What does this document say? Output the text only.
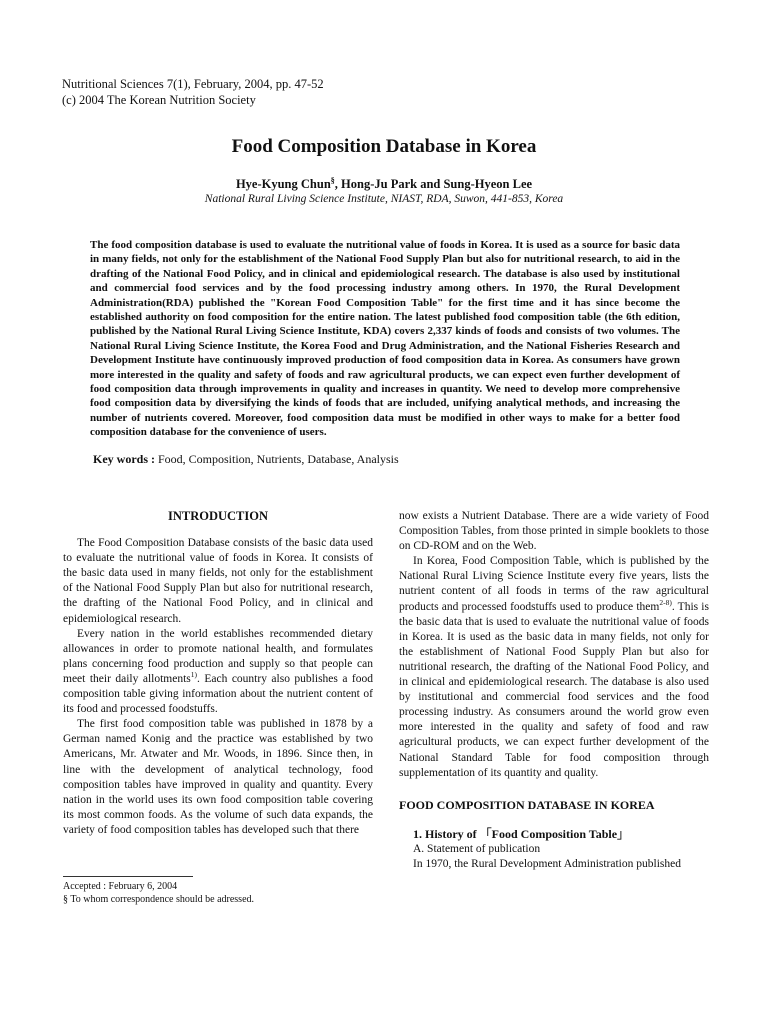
Nutritional Sciences 7(1), February, 2004, pp. 47-52
(c) 2004 The Korean Nutrition Society
Food Composition Database in Korea
Hye-Kyung Chun§, Hong-Ju Park and Sung-Hyeon Lee
National Rural Living Science Institute, NIAST, RDA, Suwon, 441-853, Korea

The food composition database is used to evaluate the nutritional value of foods in Korea. It is used as a source for basic data in many fields, not only for the establishment of the National Food Supply Plan but also for nutritional research, to aid in the drafting of the National Food Policy, and in clinical and epidemiological research. The database is also used by institutional and commercial food services and by the food processing industry among others. In 1970, the Rural Development Administration(RDA) published the "Korean Food Composition Table" for the first time and it has since become the established authority on food composition for the entire nation. The latest published food composition table (the 6th edition, published by the National Rural Living Science Institute, KDA) covers 2,337 kinds of foods and consists of two volumes. The National Rural Living Science Institute, the Korea Food and Drug Administration, and the National Fisheries Research and Development Institute have continuously improved production of food composition data in Korea. As consumers have grown more interested in the quality and safety of foods and raw agricultural products, we can expect even further development of food composition data through improvements in quality and increases in quantity. We need to develop more comprehensive food composition data by diversifying the kinds of foods that are included, unifying analytical methods, and increasing the number of nutrients covered. Moreover, food composition data must be modified in other ways to make for a better food composition database for the convenience of users.

Key words : Food, Composition, Nutrients, Database, Analysis
INTRODUCTION

The Food Composition Database consists of the basic data used to evaluate the nutritional value of foods in Korea. It consists of the basic data used in many fields, not only for the establishment of the National Food Supply Plan but also for nutritional research, the drafting of the National Food Policy, and in clinical and epidemiological research.

Every nation in the world establishes recommended dietary allowances in order to promote national health, and formulates plans concerning food production and supply so that people can meet their daily allotments$^{1)}$. Each country also publishes a food composition table giving information about the nutrient content of its food and processed foodstuffs.

The first food composition table was published in 1878 by a German named Konig and the practice was established by two Americans, Mr. Atwater and Mr. Woods, in 1896. Since then, in line with the development of analytical technology, food composition tables have improved in quality and quantity. Every nation in the world uses its own food composition table covering its most common foods. As the volume of such data expands, the variety of food composition tables has developed such that there

now exists a Nutrient Database. There are a wide variety of Food Composition Tables, from those printed in simple booklets to those on CD-ROM and on the Web.

In Korea, Food Composition Table, which is published by the National Rural Living Science Institute every five years, lists the nutrient content of all foods in terms of the raw agricultural products and processed foodstuffs used to produce them$^{2-8)}$. This is the basic data that is used to evaluate the nutritional value of foods in Korea. It is used as the basic data in many fields, not only for the establishment of National Food Supply Plan but also for nutritional research, the drafting of the National Food Policy, and in clinical and epidemiological research. The database is also used by institutional and commercial food services and the food processing industry. As consumers around the world grow even more interested in the quality and safety of food and raw agricultural products, we can expect further development of the National Standard Table for food composition through supplementation of its quantity and quality.

FOOD COMPOSITION DATABASE IN KOREA
1. History of 「Food Composition Table」
A. Statement of publication

In 1970, the Rural Development Administration published

Accepted : February 6, 2004
§ To whom correspondence should be adressed.
